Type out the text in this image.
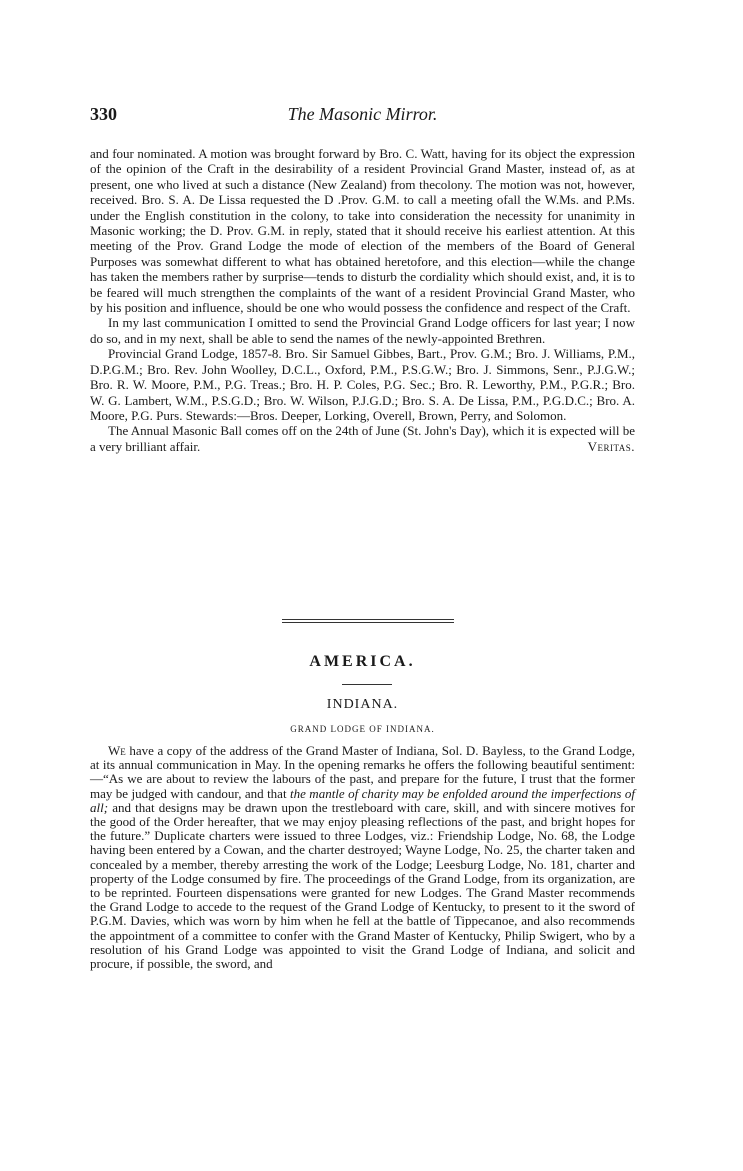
330	The Masonic Mirror.

and four nominated. A motion was brought forward by Bro. C. Watt, having for its object the expression of the opinion of the Craft in the desirability of a resident Provincial Grand Master, instead of, as at present, one who lived at such a distance (New Zealand) from thecolony. The motion was not, however, received. Bro. S. A. De Lissa requested the D .Prov. G.M. to call a meeting ofall the W.Ms. and P.Ms. under the English constitution in the colony, to take into consideration the necessity for unanimity in Masonic working; the D. Prov. G.M. in reply, stated that it should receive his earliest attention. At this meeting of the Prov. Grand Lodge the mode of election of the members of the Board of General Purposes was somewhat different to what has obtained heretofore, and this election—while the change has taken the members rather by surprise—tends to disturb the cordiality which should exist, and, it is to be feared will much strengthen the complaints of the want of a resident Provincial Grand Master, who by his position and influence, should be one who would possess the confidence and respect of the Craft.

In my last communication I omitted to send the Provincial Grand Lodge officers for last year; I now do so, and in my next, shall be able to send the names of the newly-appointed Brethren.

Provincial Grand Lodge, 1857-8. Bro. Sir Samuel Gibbes, Bart., Prov. G.M.; Bro. J. Williams, P.M., D.P.G.M.; Bro. Rev. John Woolley, D.C.L., Oxford, P.M., P.S.G.W.; Bro. J. Simmons, Senr., P.J.G.W.; Bro. R. W. Moore, P.M., P.G. Treas.; Bro. H. P. Coles, P.G. Sec.; Bro. R. Leworthy, P.M., P.G.R.; Bro. W. G. Lambert, W.M., P.S.G.D.; Bro. W. Wilson, P.J.G.D.; Bro. S. A. De Lissa, P.M., P.G.D.C.; Bro. A. Moore, P.G. Purs. Stewards:—Bros. Deeper, Lorking, Overell, Brown, Perry, and Solomon.

The Annual Masonic Ball comes off on the 24th of June (St. John's Day), which it is expected will be a very brilliant affair.	Veritas.

AMERICA.
INDIANA.
GRAND LODGE OF INDIANA.

We have a copy of the address of the Grand Master of Indiana, Sol. D. Bayless, to the Grand Lodge, at its annual communication in May. In the opening remarks he offers the following beautiful sentiment:—“As we are about to review the labours of the past, and prepare for the future, I trust that the former may be judged with candour, and that the mantle of charity may be enfolded around the imperfections of all; and that designs may be drawn upon the trestleboard with care, skill, and with sincere motives for the good of the Order hereafter, that we may enjoy pleasing reflections of the past, and bright hopes for the future.” Duplicate charters were issued to three Lodges, viz.: Friendship Lodge, No. 68, the Lodge having been entered by a Cowan, and the charter destroyed; Wayne Lodge, No. 25, the charter taken and concealed by a member, thereby arresting the work of the Lodge; Leesburg Lodge, No. 181, charter and property of the Lodge consumed by fire. The proceedings of the Grand Lodge, from its organization, are to be reprinted. Fourteen dispensations were granted for new Lodges. The Grand Master recommends the Grand Lodge to accede to the request of the Grand Lodge of Kentucky, to present to it the sword of P.G.M. Davies, which was worn by him when he fell at the battle of Tippecanoe, and also recommends the appointment of a committee to confer with the Grand Master of Kentucky, Philip Swigert, who by a resolution of his Grand Lodge was appointed to visit the Grand Lodge of Indiana, and solicit and procure, if possible, the sword, and
